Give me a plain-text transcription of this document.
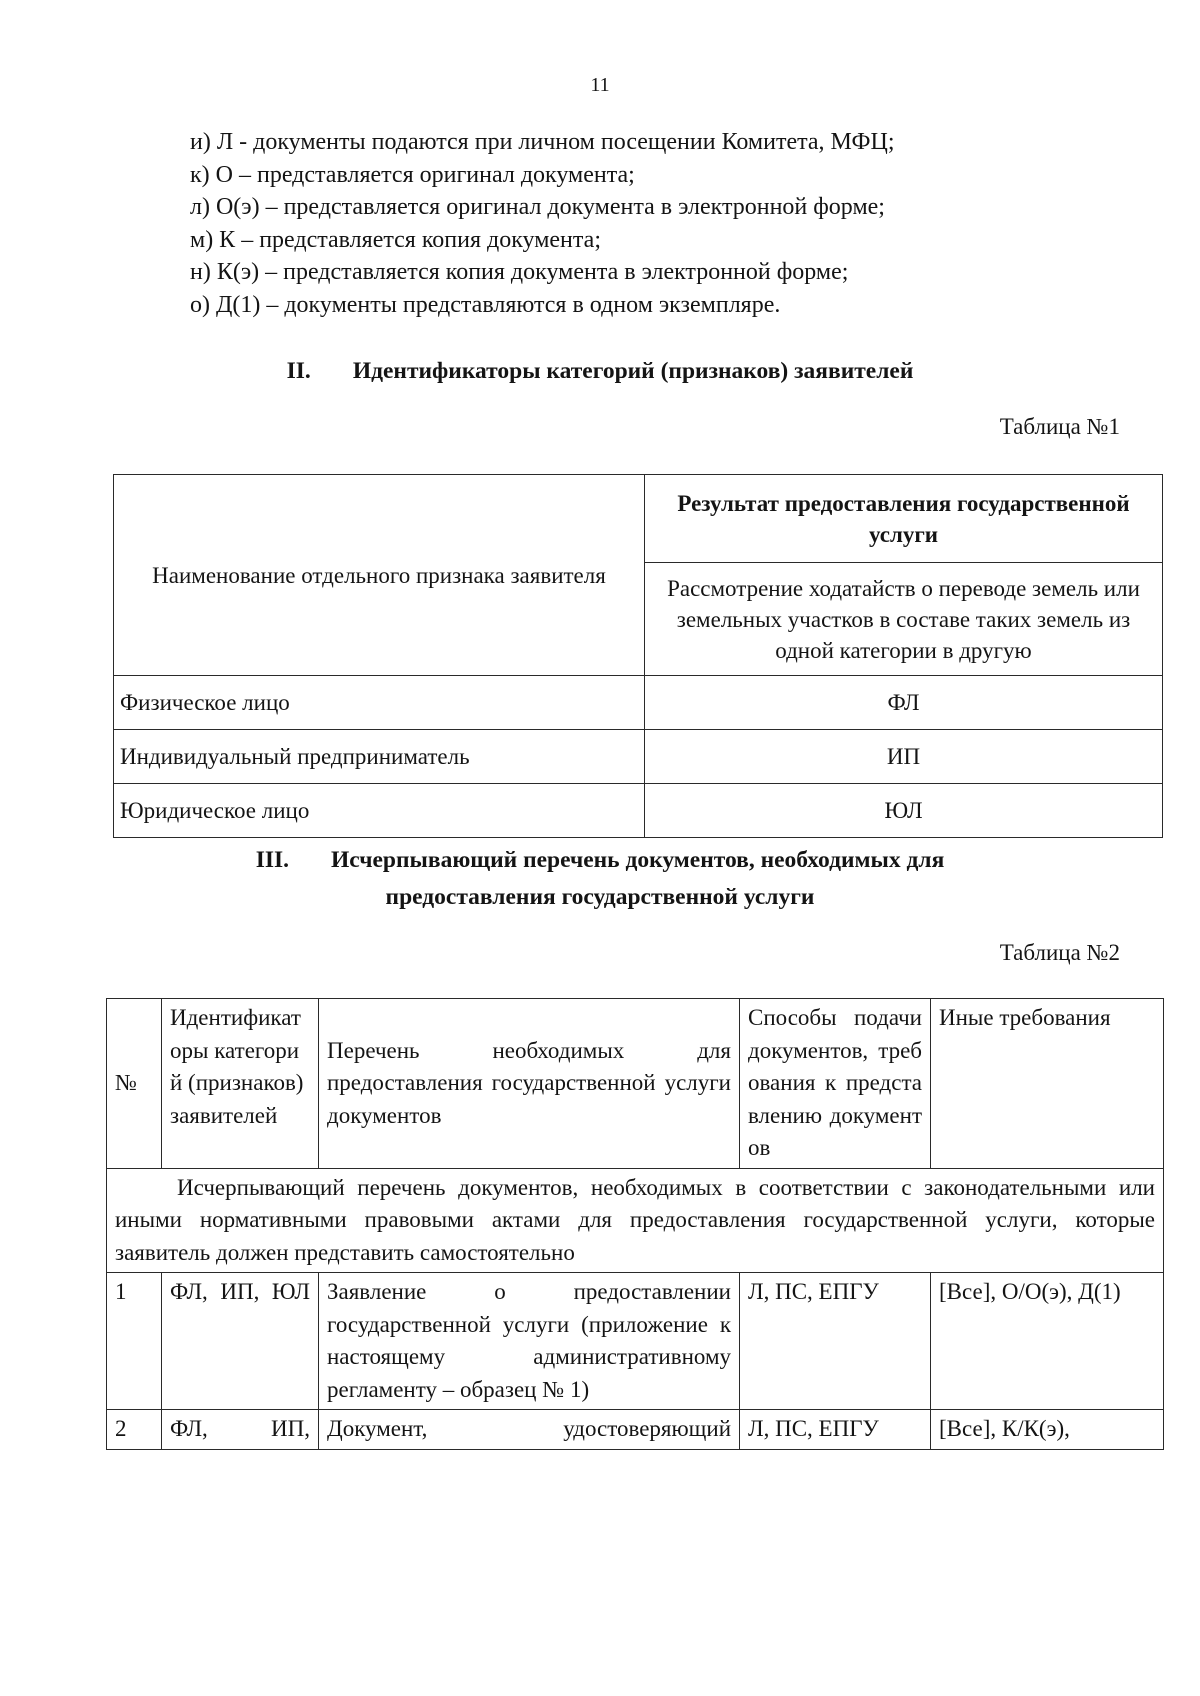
11
и) Л - документы подаются при личном посещении Комитета, МФЦ;
к) О – представляется оригинал документа;
л) О(э) – представляется оригинал документа в электронной форме;
м) К – представляется копия документа;
н) К(э) – представляется копия документа в электронной форме;
о) Д(1) – документы представляются в одном экземпляре.
II. Идентификаторы категорий (признаков) заявителей
Таблица №1
Наименование отдельного признака заявителя	Результат предоставления государственной услуги
	Рассмотрение ходатайств о переводе земель или земельных участков в составе таких земель из одной категории в другую
Физическое лицо	ФЛ
Индивидуальный предприниматель	ИП
Юридическое лицо	ЮЛ
III. Исчерпывающий перечень документов, необходимых для
предоставления государственной услуги
Таблица №2
№	Идентификаторы категорий (признаков) заявителей	Перечень необходимых для предоставления государственной услуги документов	Способы подачи документов, требования к представлению документов	Иные требования

Исчерпывающий перечень документов, необходимых в соответствии с законодательными или иными нормативными правовыми актами для предоставления государственной услуги, которые заявитель должен представить самостоятельно				

1	ФЛ, ИП, ЮЛ	Заявление о предоставлении государственной услуги (приложение к настоящему административному регламенту – образец № 1)	Л, ПС, ЕПГУ	[Все], О/О(э), Д(1)
2	ФЛ, ИП,	Документ, удостоверяющий	Л, ПС, ЕПГУ	[Все], К/К(э),
